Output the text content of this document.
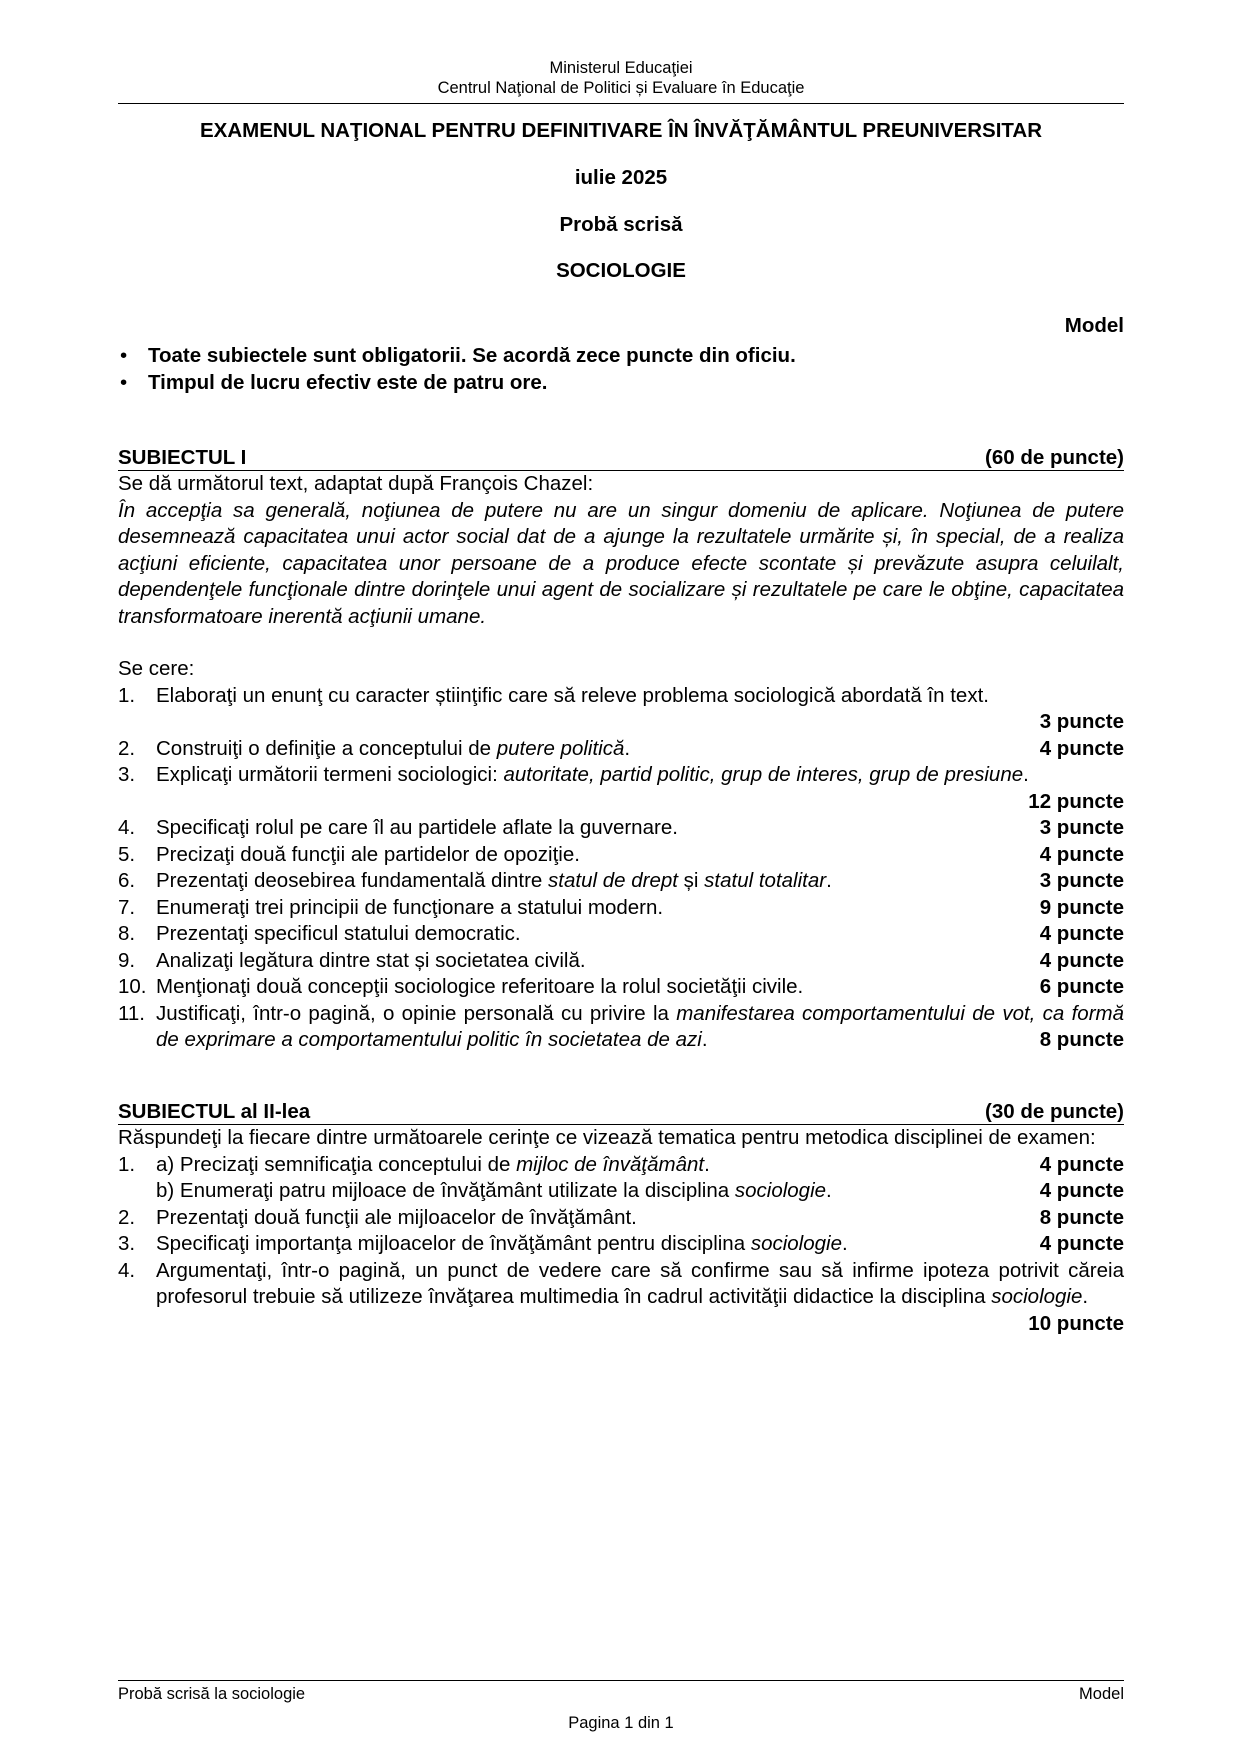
Ministerul Educaţiei
Centrul Naţional de Politici și Evaluare în Educaţie
EXAMENUL NAŢIONAL PENTRU DEFINITIVARE ÎN ÎNVĂŢĂMÂNTUL PREUNIVERSITAR
iulie 2025
Probă scrisă
SOCIOLOGIE
Model
• Toate subiectele sunt obligatorii. Se acordă zece puncte din oficiu.
• Timpul de lucru efectiv este de patru ore.
SUBIECTUL I	(60 de puncte)
Se dă următorul text, adaptat după François Chazel:
În accepţia sa generală, noţiunea de putere nu are un singur domeniu de aplicare. Noţiunea de putere desemnează capacitatea unui actor social dat de a ajunge la rezultatele urmărite și, în special, de a realiza acţiuni eficiente, capacitatea unor persoane de a produce efecte scontate și prevăzute asupra celuilalt, dependenţele funcţionale dintre dorinţele unui agent de socializare și rezultatele pe care le obţine, capacitatea transformatoare inerentă acţiunii umane.
Se cere:
1.	Elaboraţi un enunţ cu caracter știinţific care să releve problema sociologică abordată în text.
3 puncte
2.	Construiţi o definiţie a conceptului de putere politică.	4 puncte
3.	Explicaţi următorii termeni sociologici: autoritate, partid politic, grup de interes, grup de presiune.
12 puncte
4.	Specificaţi rolul pe care îl au partidele aflate la guvernare.	3 puncte
5.	Precizaţi două funcţii ale partidelor de opoziţie.	4 puncte
6.	Prezentaţi deosebirea fundamentală dintre statul de drept și statul totalitar.	3 puncte
7.	Enumeraţi trei principii de funcţionare a statului modern.	9 puncte
8.	Prezentaţi specificul statului democratic.	4 puncte
9.	Analizaţi legătura dintre stat și societatea civilă.	4 puncte
10. Menţionaţi două concepţii sociologice referitoare la rolul societăţii civile.	6 puncte
11. Justificaţi, într-o pagină, o opinie personală cu privire la manifestarea comportamentului de vot, ca formă de exprimare a comportamentului politic în societatea de azi.	8 puncte
SUBIECTUL al II-lea	(30 de puncte)
Răspundeţi la fiecare dintre următoarele cerinţe ce vizează tematica pentru metodica disciplinei de examen:
1.	a) Precizaţi semnificaţia conceptului de mijloc de învăţământ.	4 puncte
b) Enumeraţi patru mijloace de învăţământ utilizate la disciplina sociologie.	4 puncte
2.	Prezentaţi două funcţii ale mijloacelor de învăţământ.	8 puncte
3.	Specificaţi importanţa mijloacelor de învăţământ pentru disciplina sociologie.	4 puncte
4.	Argumentaţi, într-o pagină, un punct de vedere care să confirme sau să infirme ipoteza potrivit căreia profesorul trebuie să utilizeze învăţarea multimedia în cadrul activităţii didactice la disciplina sociologie.
10 puncte
Probă scrisă la sociologie	Model
Pagina 1 din 1
